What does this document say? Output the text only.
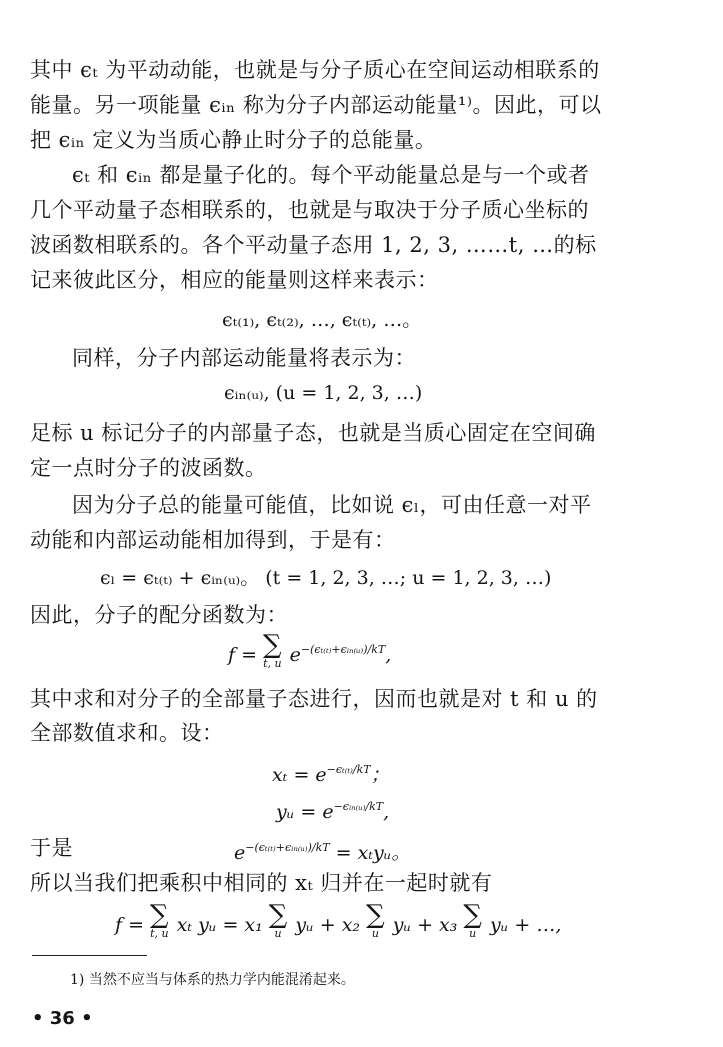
其中 ϵₜ 为平动动能，也就是与分子质心在空间运动相联系的
能量。另一项能量 ϵᵢₙ 称为分子内部运动能量¹⁾。因此，可以
把 ϵᵢₙ 定义为当质心静止时分子的总能量。
ϵₜ 和 ϵᵢₙ 都是量子化的。每个平动能量总是与一个或者
几个平动量子态相联系的，也就是与取决于分子质心坐标的
波函数相联系的。各个平动量子态用 1, 2, 3, ……t, …的标
记来彼此区分，相应的能量则这样来表示：
ϵₜ₍₁₎, ϵₜ₍₂₎, …, ϵₜ₍ₜ₎, …。
同样，分子内部运动能量将表示为：
ϵᵢₙ₍ᵤ₎, (u = 1, 2, 3, …)
足标 u 标记分子的内部量子态，也就是当质心固定在空间确
定一点时分子的波函数。
因为分子总的能量可能值，比如说 ϵₗ，可由任意一对平
动能和内部运动能相加得到，于是有：
ϵₗ = ϵₜ₍ₜ₎ + ϵᵢₙ₍ᵤ₎。 (t = 1, 2, 3, …; u = 1, 2, 3, …)
因此，分子的配分函数为：
f = ∑
t, u $e^{-(\epsilon_{t(t)}+\epsilon ᵢ_{n(}ᵤ_))/kT}$,
其中求和对分子的全部量子态进行，因而也就是对 t 和 u 的
全部数值求和。设：
$x_t = e^{-\epsilon_{t(t)}/kT}$；
yᵤ = $e^{-\epsilon ᵢ_{n(}ᵤ_)/kT}$,
于是	$e^{-(\epsilon_{t(t)}+\epsilon ᵢ_{n(}ᵤ_))/kT}$ = xₜyᵤ。
所以当我们把乘积中相同的 xₜ 归并在一起时就有
f = ∑
t, u xₜ yᵤ = x₁ ∑
u yᵤ + x₂ ∑
u yᵤ + x₃ ∑
u yᵤ + …,
1) 当然不应当与体系的热力学内能混淆起来。
• 36 •
